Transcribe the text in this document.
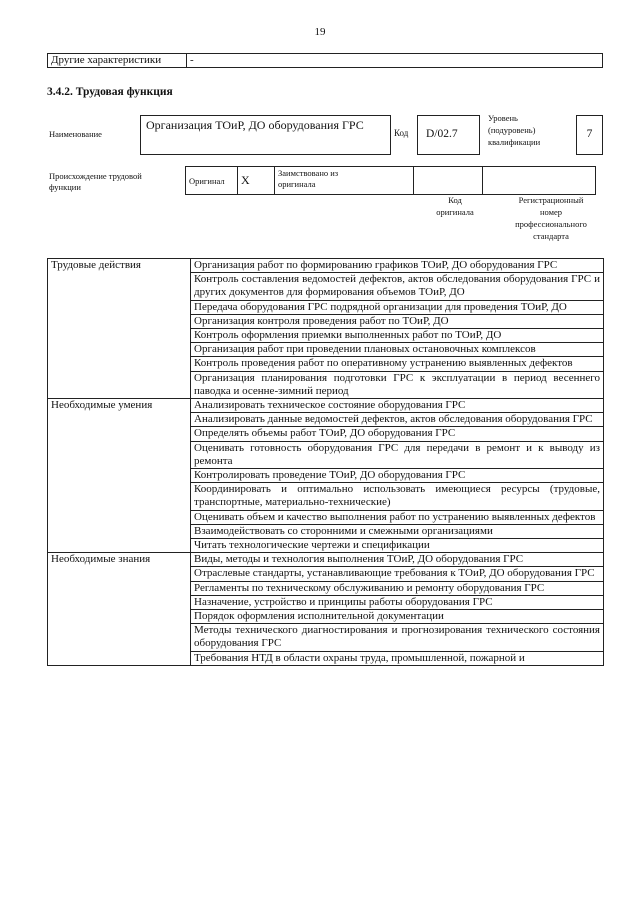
19
Другие характеристики	-
3.4.2. Трудовая функция
Наименование
Организация ТОиР, ДО оборудования ГРС
Код	D/02.7
Уровень
(подуровень)
квалификации
7
Происхождение трудовой
функции
Оригинал	X	Заимствовано из
оригинала

Код
оригинала
Регистрационный
номер
профессионального
стандарта
Трудовые действия	Организация работ по формированию графиков ТОиР, ДО оборудования ГРС
	Контроль составления ведомостей дефектов, актов обследования оборудования ГРС и других документов для формирования объемов ТОиР, ДО
	Передача оборудования ГРС подрядной организации для проведения ТОиР, ДО
	Организация контроля проведения работ по ТОиР, ДО
	Контроль оформления приемки выполненных работ по ТОиР, ДО
	Организация работ при проведении плановых остановочных комплексов
	Контроль проведения работ по оперативному устранению выявленных дефектов
	Организация планирования подготовки ГРС к эксплуатации в период весеннего паводка и осенне-зимний период
Необходимые умения	Анализировать техническое состояние оборудования ГРС
	Анализировать данные ведомостей дефектов, актов обследования оборудования ГРС
	Определять объемы работ ТОиР, ДО оборудования ГРС
	Оценивать готовность оборудования ГРС для передачи в ремонт и к выводу из ремонта
	Контролировать проведение ТОиР, ДО оборудования ГРС
	Координировать и оптимально использовать имеющиеся ресурсы (трудовые, транспортные, материально-технические)
	Оценивать объем и качество выполнения работ по устранению выявленных дефектов
	Взаимодействовать со сторонними и смежными организациями
	Читать технологические чертежи и спецификации
Необходимые знания	Виды, методы и технология выполнения ТОиР, ДО оборудования ГРС
	Отраслевые стандарты, устанавливающие требования к ТОиР, ДО оборудования ГРС
	Регламенты по техническому обслуживанию и ремонту оборудования ГРС
	Назначение, устройство и принципы работы оборудования ГРС
	Порядок оформления исполнительной документации
	Методы технического диагностирования и прогнозирования технического состояния оборудования ГРС
	Требования НТД в области охраны труда, промышленной, пожарной и
